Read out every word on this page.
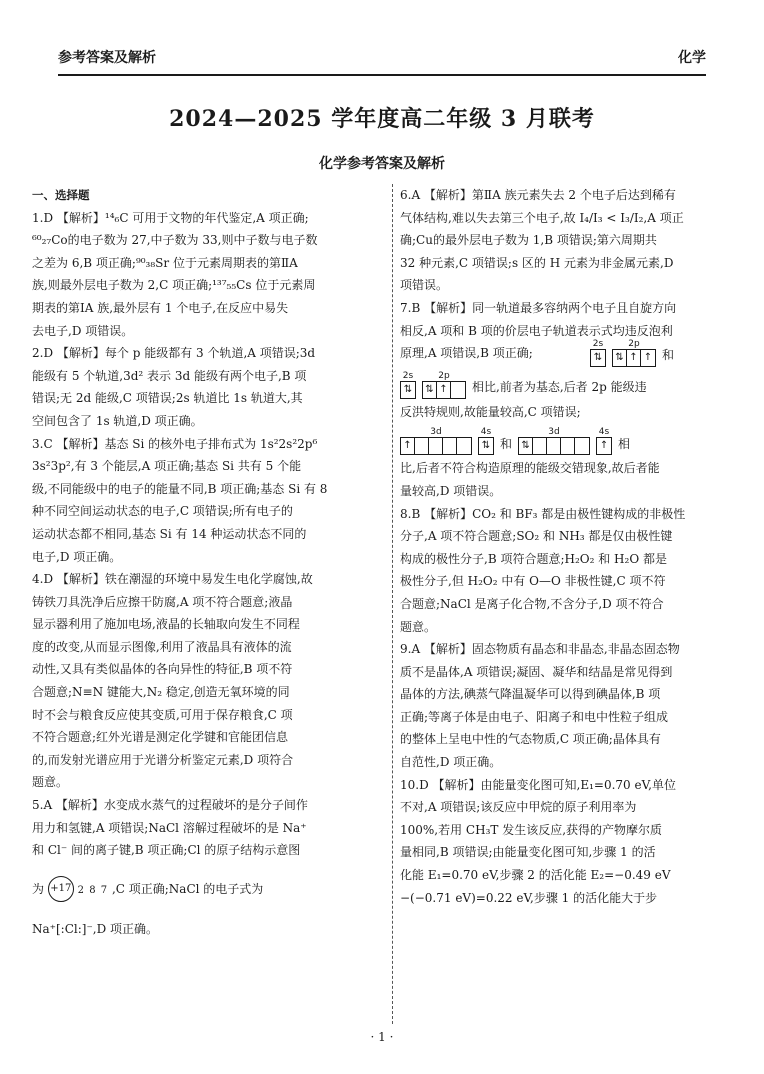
参考答案及解析	化学
2024—2025 学年度高二年级 3 月联考
化学参考答案及解析
一、选择题
1.D 【解析】¹⁴₆C 可用于文物的年代鉴定,A 项正确;
⁶⁰₂₇Co的电子数为 27,中子数为 33,则中子数与电子数
之差为 6,B 项正确;⁹⁰₃₈Sr 位于元素周期表的第ⅡA
族,则最外层电子数为 2,C 项正确;¹³⁷₅₅Cs 位于元素周
期表的第ⅠA 族,最外层有 1 个电子,在反应中易失
去电子,D 项错误。
2.D 【解析】每个 p 能级都有 3 个轨道,A 项错误;3d
能级有 5 个轨道,3d² 表示 3d 能级有两个电子,B 项
错误;无 2d 能级,C 项错误;2s 轨道比 1s 轨道大,其
空间包含了 1s 轨道,D 项正确。
3.C 【解析】基态 Si 的核外电子排布式为 1s²2s²2p⁶
3s²3p²,有 3 个能层,A 项正确;基态 Si 共有 5 个能
级,不同能级中的电子的能量不同,B 项正确;基态 Si 有 8
种不同空间运动状态的电子,C 项错误;所有电子的
运动状态都不相同,基态 Si 有 14 种运动状态不同的
电子,D 项正确。
4.D 【解析】铁在潮湿的环境中易发生电化学腐蚀,故
铸铁刀具洗净后应擦干防腐,A 项不符合题意;液晶
显示器利用了施加电场,液晶的长轴取向发生不同程
度的改变,从而显示图像,利用了液晶具有液体的流
动性,又具有类似晶体的各向异性的特征,B 项不符
合题意;N≡N 键能大,N₂ 稳定,创造无氧环境的同
时不会与粮食反应使其变质,可用于保存粮食,C 项
不符合题意;红外光谱是测定化学键和官能团信息
的,而发射光谱应用于光谱分析鉴定元素,D 项符合
题意。
5.A 【解析】水变成水蒸气的过程破坏的是分子间作
用力和氢键,A 项错误;NaCl 溶解过程破坏的是 Na⁺
和 Cl⁻ 间的离子键,B 项正确;Cl 的原子结构示意图
为 +17 2 8 7 ,C 项正确;NaCl 的电子式为
Na⁺[:Cl:]⁻,D 项正确。
6.A 【解析】第ⅡA 族元素失去 2 个电子后达到稀有
气体结构,难以失去第三个电子,故 I₄/I₃ < I₃/I₂,A 项正
确;Cu的最外层电子数为 1,B 项错误;第六周期共
32 种元素,C 项错误;s 区的 H 元素为非金属元素,D
项错误。
7.B 【解析】同一轨道最多容纳两个电子且自旋方向
相反,A 项和 B 项的价层电子轨道表示式均违反泡利
原理,A 项错误,B 项正确;
2s
⇅
2p
⇅ ↑ ↑ 和
2s
⇅
2p
⇅ ↑ 相比,前者为基态,后者 2p 能级违
反洪特规则,故能量较高,C 项错误;
3d
↑
4s
⇅ 和
3d
⇅
4s
↑ 相
比,后者不符合构造原理的能级交错现象,故后者能
量较高,D 项错误。
8.B 【解析】CO₂ 和 BF₃ 都是由极性键构成的非极性
分子,A 项不符合题意;SO₂ 和 NH₃ 都是仅由极性键
构成的极性分子,B 项符合题意;H₂O₂ 和 H₂O 都是
极性分子,但 H₂O₂ 中有 O—O 非极性键,C 项不符
合题意;NaCl 是离子化合物,不含分子,D 项不符合
题意。
9.A 【解析】固态物质有晶态和非晶态,非晶态固态物
质不是晶体,A 项错误;凝固、凝华和结晶是常见得到
晶体的方法,碘蒸气降温凝华可以得到碘晶体,B 项
正确;等离子体是由电子、阳离子和电中性粒子组成
的整体上呈电中性的气态物质,C 项正确;晶体具有
自范性,D 项正确。
10.D 【解析】由能量变化图可知,E₁=0.70 eV,单位
不对,A 项错误;该反应中甲烷的原子利用率为
100%,若用 CH₃T 发生该反应,获得的产物摩尔质
量相同,B 项错误;由能量变化图可知,步骤 1 的活
化能 E₁=0.70 eV,步骤 2 的活化能 E₂=−0.49 eV
−(−0.71 eV)=0.22 eV,步骤 1 的活化能大于步
· 1 ·
